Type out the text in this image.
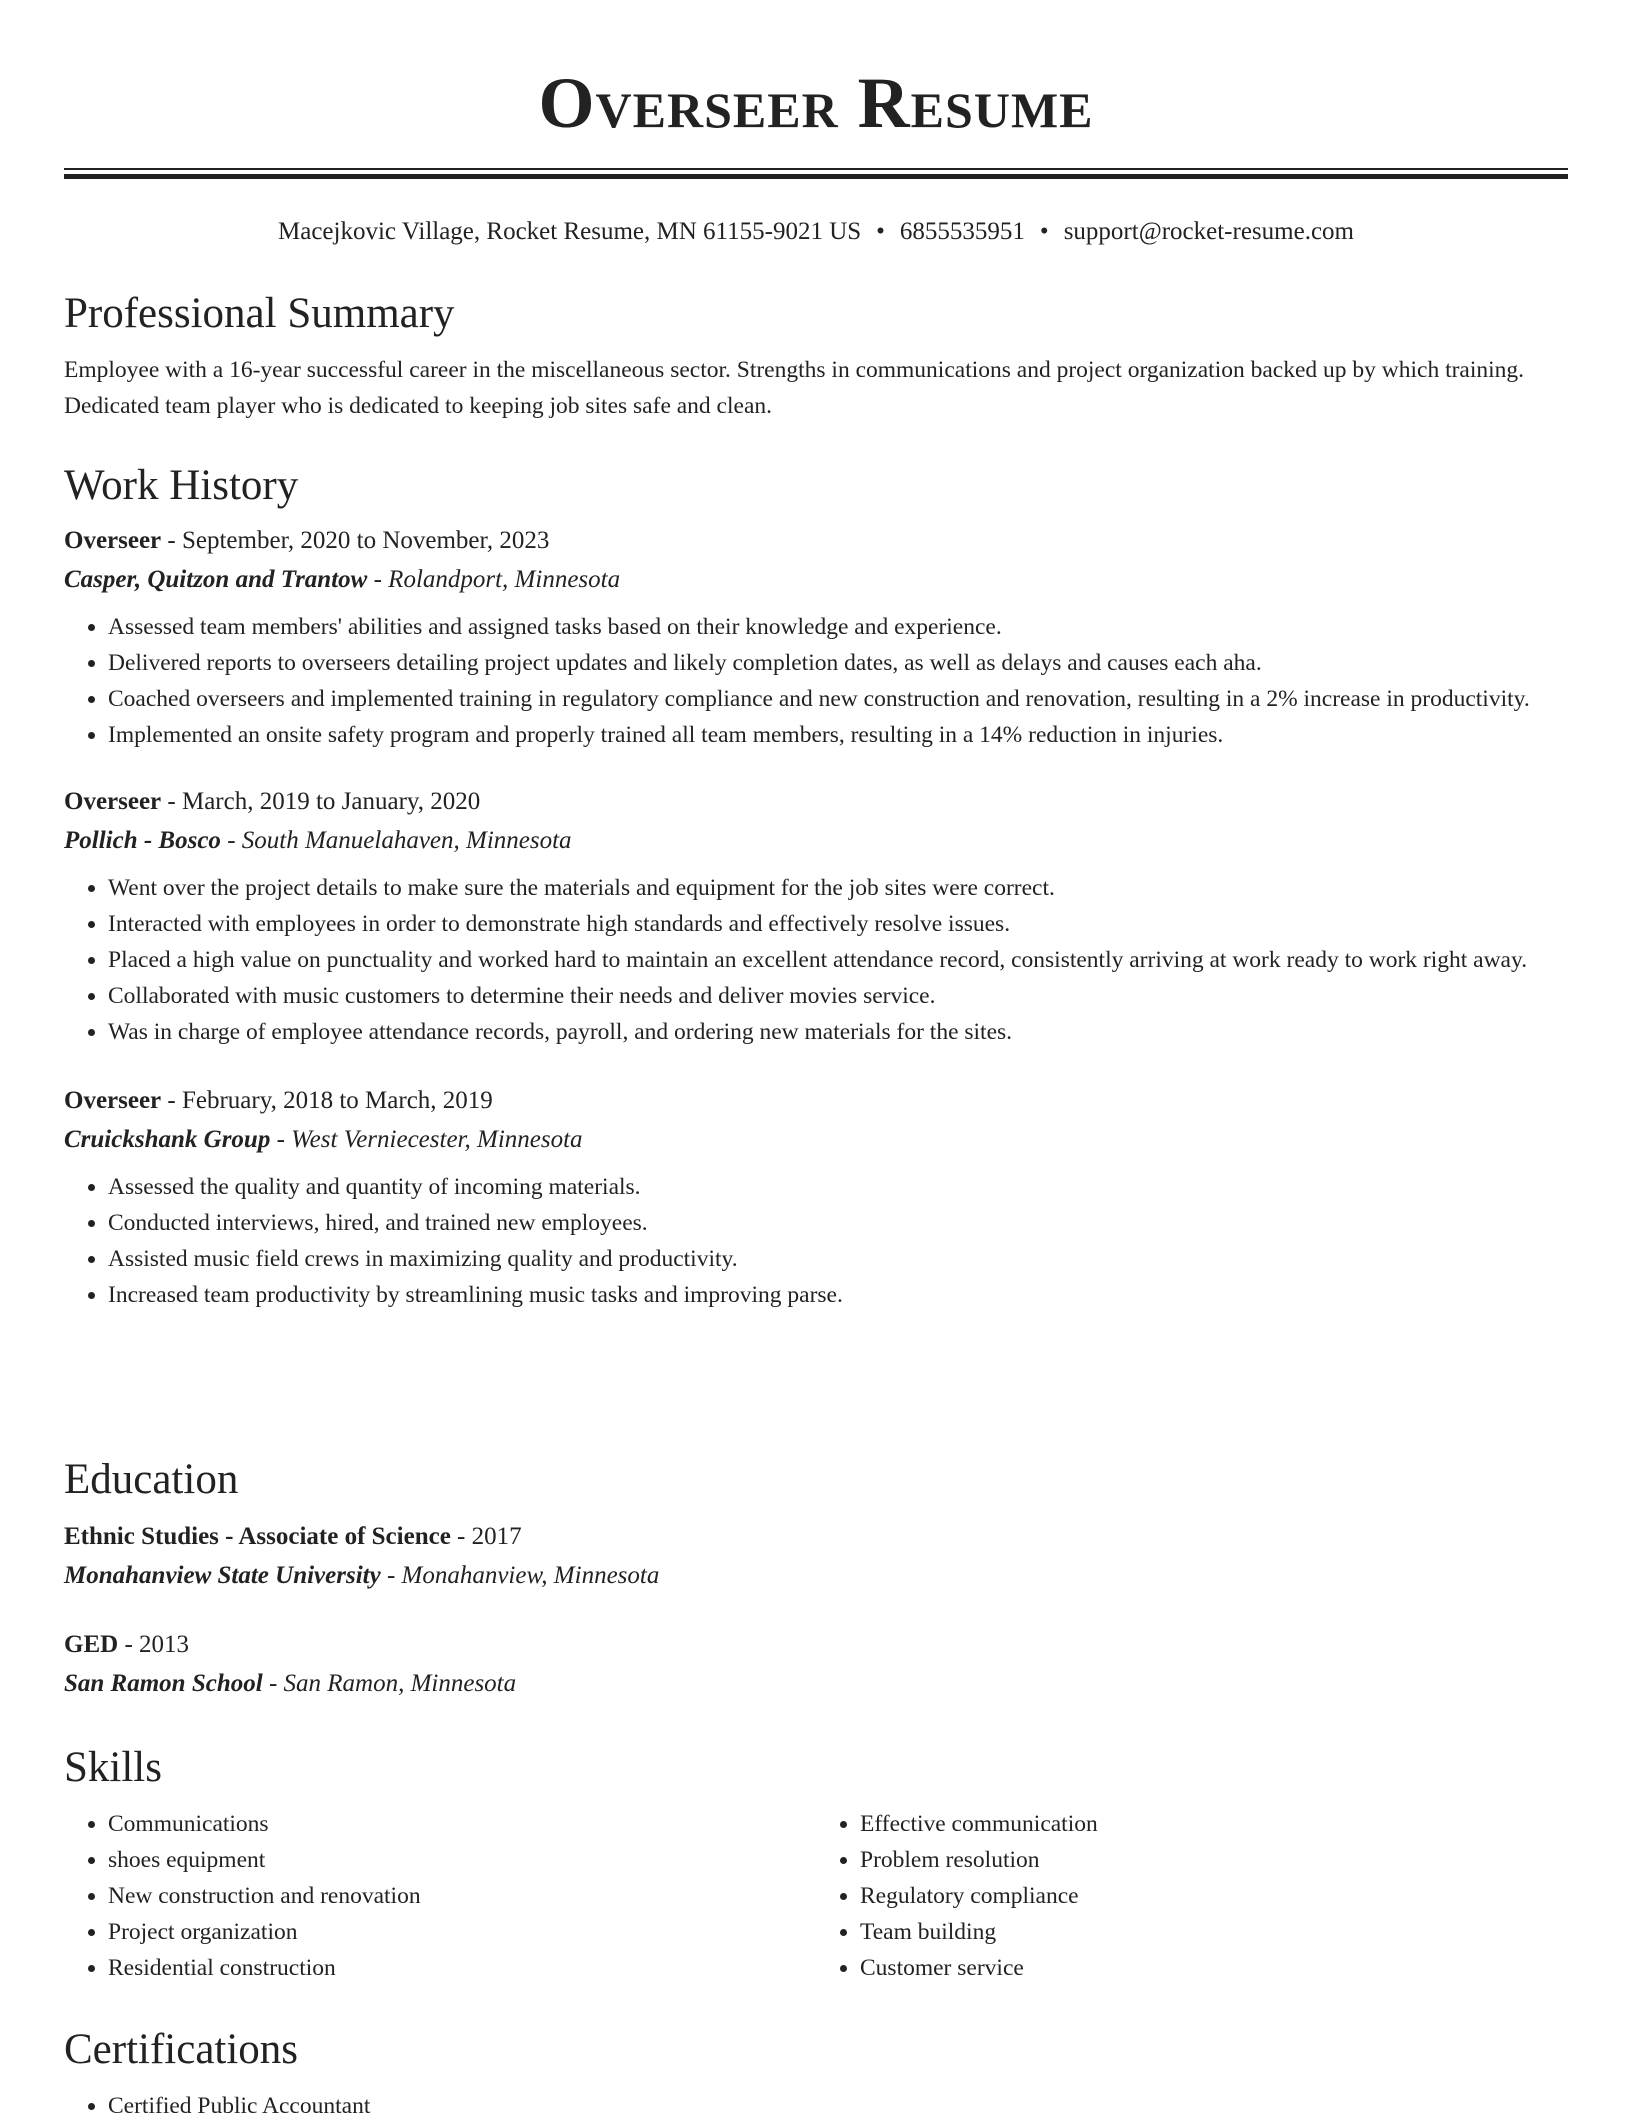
Overseer Resume
Macejkovic Village, Rocket Resume, MN 61155-9021 US • 6855535951 • support@rocket-resume.com
Professional Summary

Employee with a 16-year successful career in the miscellaneous sector. Strengths in communications and project organization backed up by which training. Dedicated team player who is dedicated to keeping job sites safe and clean.

Work History

Overseer - September, 2020 to November, 2023

Casper, Quitzon and Trantow - Rolandport, Minnesota

• Assessed team members' abilities and assigned tasks based on their knowledge and experience.
• Delivered reports to overseers detailing project updates and likely completion dates, as well as delays and causes each aha.
• Coached overseers and implemented training in regulatory compliance and new construction and renovation, resulting in a 2% increase in productivity.
• Implemented an onsite safety program and properly trained all team members, resulting in a 14% reduction in injuries.

Overseer - March, 2019 to January, 2020

Pollich - Bosco - South Manuelahaven, Minnesota

• Went over the project details to make sure the materials and equipment for the job sites were correct.
• Interacted with employees in order to demonstrate high standards and effectively resolve issues.
• Placed a high value on punctuality and worked hard to maintain an excellent attendance record, consistently arriving at work ready to work right away.
• Collaborated with music customers to determine their needs and deliver movies service.
• Was in charge of employee attendance records, payroll, and ordering new materials for the sites.

Overseer - February, 2018 to March, 2019

Cruickshank Group - West Verniecester, Minnesota

• Assessed the quality and quantity of incoming materials.
• Conducted interviews, hired, and trained new employees.
• Assisted music field crews in maximizing quality and productivity.
• Increased team productivity by streamlining music tasks and improving parse.
Education

Ethnic Studies - Associate of Science - 2017

Monahanview State University - Monahanview, Minnesota

GED - 2013

San Ramon School - San Ramon, Minnesota

Skills
• Communications
• shoes equipment
• New construction and renovation
• Project organization
• Residential construction
• Effective communication
• Problem resolution
• Regulatory compliance
• Team building
• Customer service
Certifications
• Certified Public Accountant
